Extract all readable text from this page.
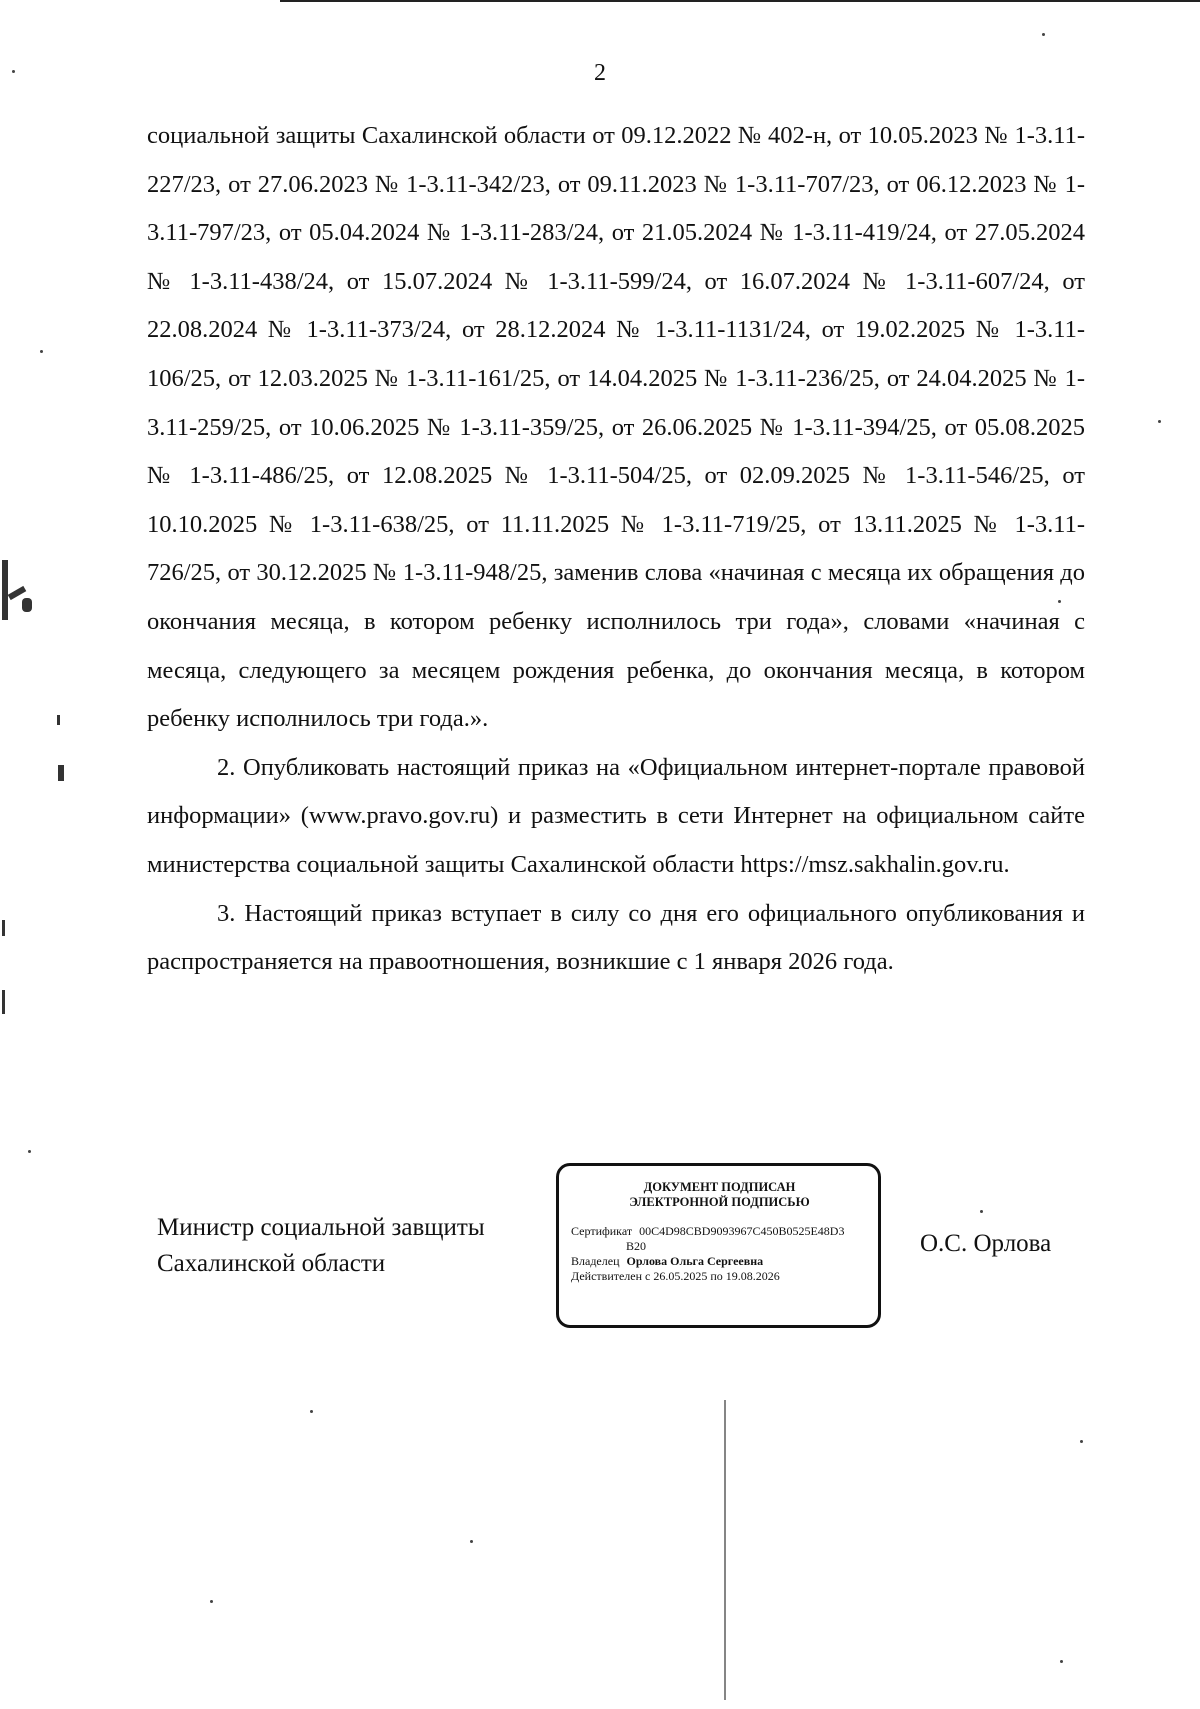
2

социальной защиты Сахалинской области от 09.12.2022 № 402-н, от 10.05.2023 № 1-3.11-227/23, от 27.06.2023 № 1-3.11-342/23, от 09.11.2023 № 1-3.11-707/23, от 06.12.2023 № 1-3.11-797/23, от 05.04.2024 № 1-3.11-283/24, от 21.05.2024 № 1-3.11-419/24, от 27.05.2024 № 1-3.11-438/24, от 15.07.2024 № 1-3.11-599/24, от 16.07.2024 № 1-3.11-607/24, от 22.08.2024 № 1-3.11-373/24, от 28.12.2024 № 1-3.11-1131/24, от 19.02.2025 № 1-3.11-106/25, от 12.03.2025 № 1-3.11-161/25, от 14.04.2025 № 1-3.11-236/25, от 24.04.2025 № 1-3.11-259/25, от 10.06.2025 № 1-3.11-359/25, от 26.06.2025 № 1-3.11-394/25, от 05.08.2025 № 1-3.11-486/25, от 12.08.2025 № 1-3.11-504/25, от 02.09.2025 № 1-3.11-546/25, от 10.10.2025 № 1-3.11-638/25, от 11.11.2025 № 1-3.11-719/25, от 13.11.2025 № 1-3.11-726/25, от 30.12.2025 № 1-3.11-948/25, заменив слова «начиная с месяца их обращения до окончания месяца, в котором ребенку исполнилось три года», словами «начиная с месяца, следующего за месяцем рождения ребенка, до окончания месяца, в котором ребенку исполнилось три года.».

2. Опубликовать настоящий приказ на «Официальном интернет-портале правовой информации» (www.pravo.gov.ru) и разместить в сети Интернет на официальном сайте министерства социальной защиты Сахалинской области https://msz.sakhalin.gov.ru.

3. Настоящий приказ вступает в силу со дня его официального опубликования и распространяется на правоотношения, возникшие с 1 января 2026 года.

Министр социальной завщиты
Сахалинской области
ДОКУМЕНТ ПОДПИСАН
ЭЛЕКТРОННОЙ ПОДПИСЬЮ
Сертификат 00C4D98CBD9093967C450B0525E48D3
B20
Владелец Орлова Ольга Сергеевна
Действителен с 26.05.2025 по 19.08.2026
О.С. Орлова
